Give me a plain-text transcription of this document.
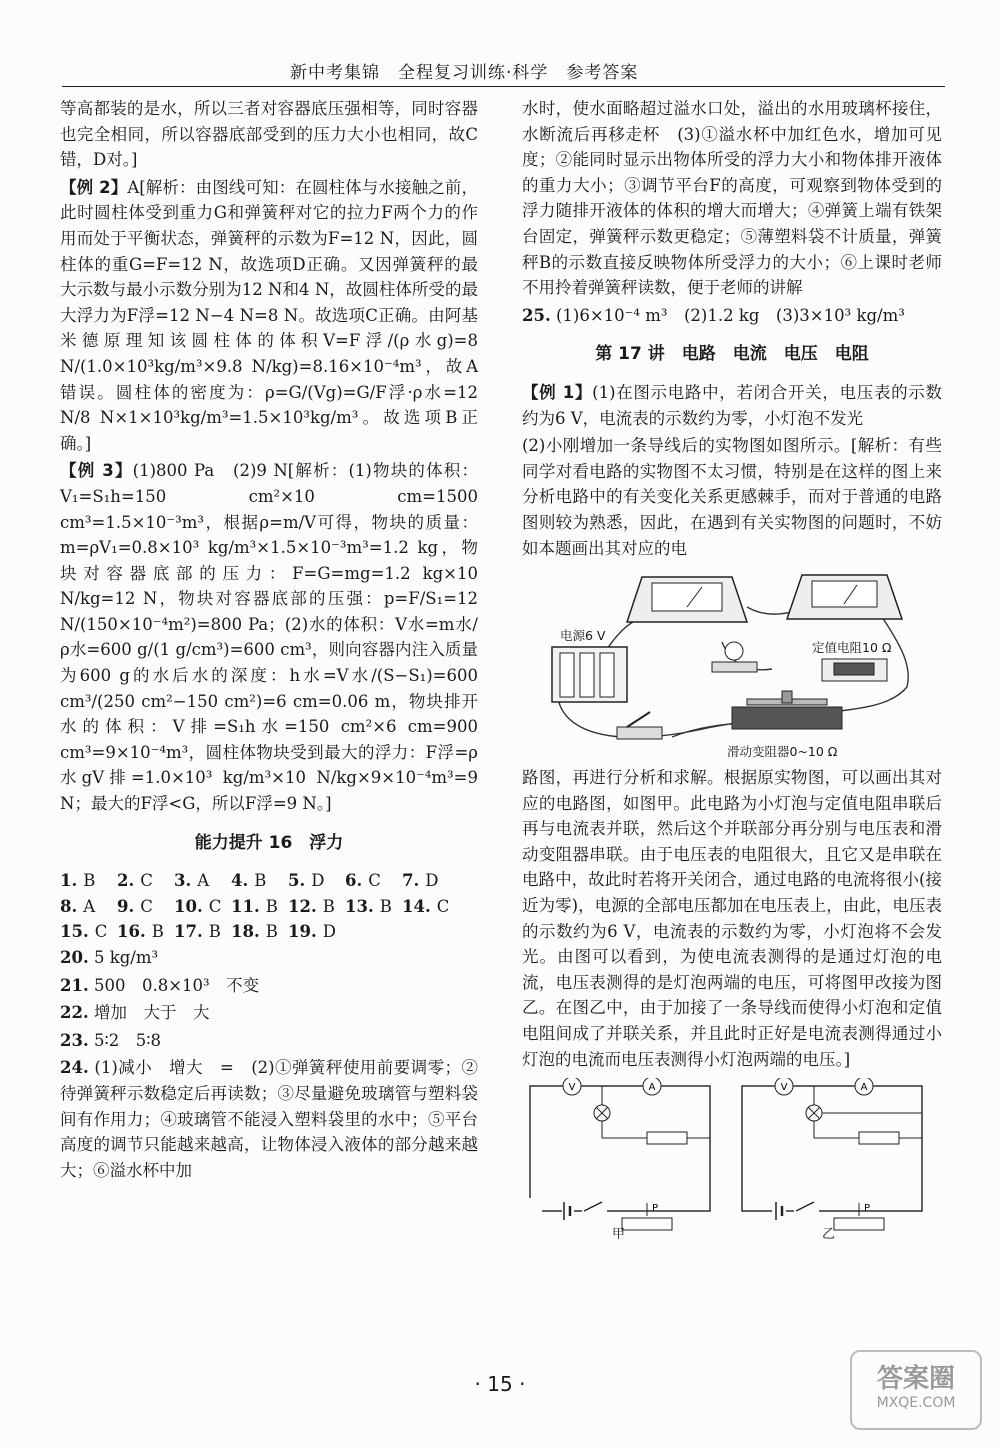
新中考集锦　全程复习训练·科学　参考答案

等高都装的是水，所以三者对容器底压强相等，同时容器也完全相同，所以容器底部受到的压力大小也相同，故C错，D对。]

【例 2】A[解析：由图线可知：在圆柱体与水接触之前，此时圆柱体受到重力G和弹簧秤对它的拉力F两个力的作用而处于平衡状态，弹簧秤的示数为F=12 N，因此，圆柱体的重G=F=12 N，故选项D正确。又因弹簧秤的最大示数与最小示数分别为12 N和4 N，故圆柱体所受的最大浮力为F浮=12 N−4 N=8 N。故选项C正确。由阿基米德原理知该圆柱体的体积V=F浮/(ρ水g)=8 N/(1.0×10³kg/m³×9.8 N/kg)=8.16×10⁻⁴m³，故A错误。圆柱体的密度为：ρ=G/(Vg)=G/F浮·ρ水=12 N/8 N×1×10³kg/m³=1.5×10³kg/m³。故选项B正确。]

【例 3】(1)800 Pa　(2)9 N[解析：(1)物块的体积：V₁=S₁h=150 cm²×10 cm=1500 cm³=1.5×10⁻³m³，根据ρ=m/V可得，物块的质量：m=ρV₁=0.8×10³ kg/m³×1.5×10⁻³m³=1.2 kg，物块对容器底部的压力：F=G=mg=1.2 kg×10 N/kg=12 N，物块对容器底部的压强：p=F/S₁=12 N/(150×10⁻⁴m²)=800 Pa；(2)水的体积：V水=m水/ρ水=600 g/(1 g/cm³)=600 cm³，则向容器内注入质量为600 g的水后水的深度：h水=V水/(S−S₁)=600 cm³/(250 cm²−150 cm²)=6 cm=0.06 m，物块排开水的体积：V排=S₁h水=150 cm²×6 cm=900 cm³=9×10⁻⁴m³，圆柱体物块受到最大的浮力：F浮=ρ水gV排=1.0×10³ kg/m³×10 N/kg×9×10⁻⁴m³=9 N；最大的F浮<G，所以F浮=9 N。]

能力提升 16　浮力
1. B	2. C	3. A	4. B	5. D	6. C	7. D
8. A	9. C	10. C 11. B 12. B 13. B 14. C
15. C 16. B 17. B 18. B 19. D

20. 5 kg/m³

21. 500　0.8×10³　不变

22. 增加　大于　大

23. 5∶2　5∶8

24. (1)减小　增大　=　(2)①弹簧秤使用前要调零；②待弹簧秤示数稳定后再读数；③尽量避免玻璃管与塑料袋间有作用力；④玻璃管不能浸入塑料袋里的水中；⑤平台高度的调节只能越来越高，让物体浸入液体的部分越来越大；⑥溢水杯中加

水时，使水面略超过溢水口处，溢出的水用玻璃杯接住，水断流后再移走杯　(3)①溢水杯中加红色水，增加可见度；②能同时显示出物体所受的浮力大小和物体排开液体的重力大小；③调节平台F的高度，可观察到物体受到的浮力随排开液体的体积的增大而增大；④弹簧上端有铁架台固定，弹簧秤示数更稳定；⑤薄塑料袋不计质量，弹簧秤B的示数直接反映物体所受浮力的大小；⑥上课时老师不用拎着弹簧秤读数，便于老师的讲解

25. (1)6×10⁻⁴ m³　(2)1.2 kg　(3)3×10³ kg/m³

第 17 讲　电路　电流　电压　电阻

【例 1】(1)在图示电路中，若闭合开关，电压表的示数约为6 V，电流表的示数约为零，小灯泡不发光

(2)小刚增加一条导线后的实物图如图所示。[解析：有些同学对看电路的实物图不太习惯，特别是在这样的图上来分析电路中的有关变化关系更感棘手，而对于普通的电路图则较为熟悉，因此，在遇到有关实物图的问题时，不妨如本题画出其对应的电

电源6 V
定值电阻10 Ω
滑动变阻器0~10 Ω

路图，再进行分析和求解。根据原实物图，可以画出其对应的电路图，如图甲。此电路为小灯泡与定值电阻串联后再与电流表并联，然后这个并联部分再分别与电压表和滑动变阻器串联。由于电压表的电阻很大，且它又是串联在电路中，故此时若将开关闭合，通过电路的电流将很小(接近为零)，电源的全部电压都加在电压表上，由此，电压表的示数约为6 V，电流表的示数约为零，小灯泡将不会发光。由图可以看到，为使电流表测得的是通过灯泡的电流，电压表测得的是灯泡两端的电压，可将图甲改接为图乙。在图乙中，由于加接了一条导线而使得小灯泡和定值电阻间成了并联关系，并且此时正好是电流表测得通过小灯泡的电流而电压表测得小灯泡两端的电压。]

V	A
P
V	A
P
甲	乙
· 15 ·	答案圈
MXQE.COM
